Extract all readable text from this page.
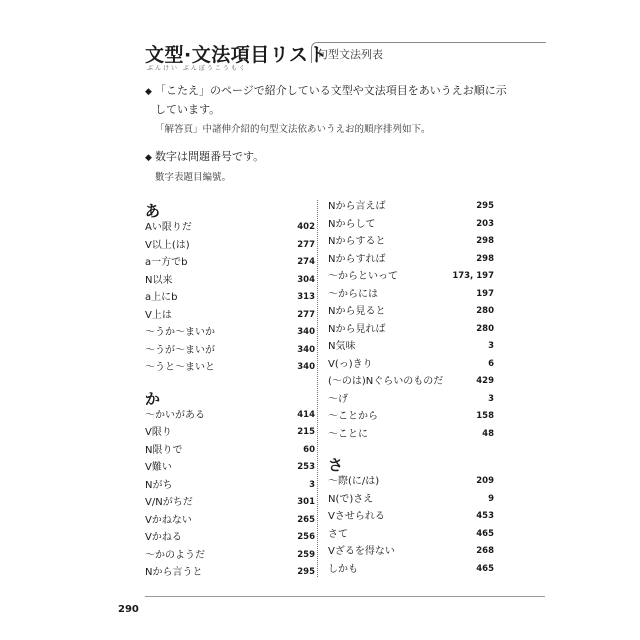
文型·文法項目リスト
ぶんけい ぶんぽうこうもく
句型文法列表
◆ 「こたえ」のページで紹介している文型や文法項目をあいうえお順に示
しています。
「解答頁」中諸伸介紹的句型文法依あいうえお的順序排列如下。
◆ 数字は問題番号です。
數字表題目編號。
あ
Aい限りだ	402
V以上(は)	277
a一方でb	274
N以来	304
a上にb	313
V上は	277
〜うか〜まいか	340
〜うが〜まいが	340
〜うと〜まいと	340
か
〜かいがある	414
V限り	215
N限りで	60
V難い	253
Nがち	3
V/Nがちだ	301
Vかねない	265
Vかねる	256
〜かのようだ	259
Nから言うと	295
Nから言えば	295
Nからして	203
Nからすると	298
Nからすれば	298
〜からといって	173, 197
〜からには	197
Nから見ると	280
Nから見れば	280
N気味	3
V(っ)きり	6
(〜のは)Nぐらいのものだ	429
〜げ	3
〜ことから	158
〜ことに	48
さ
〜際(に/は)	209
N(で)さえ	9
Vさせられる	453
さて	465
Vざるを得ない	268
しかも	465
290
